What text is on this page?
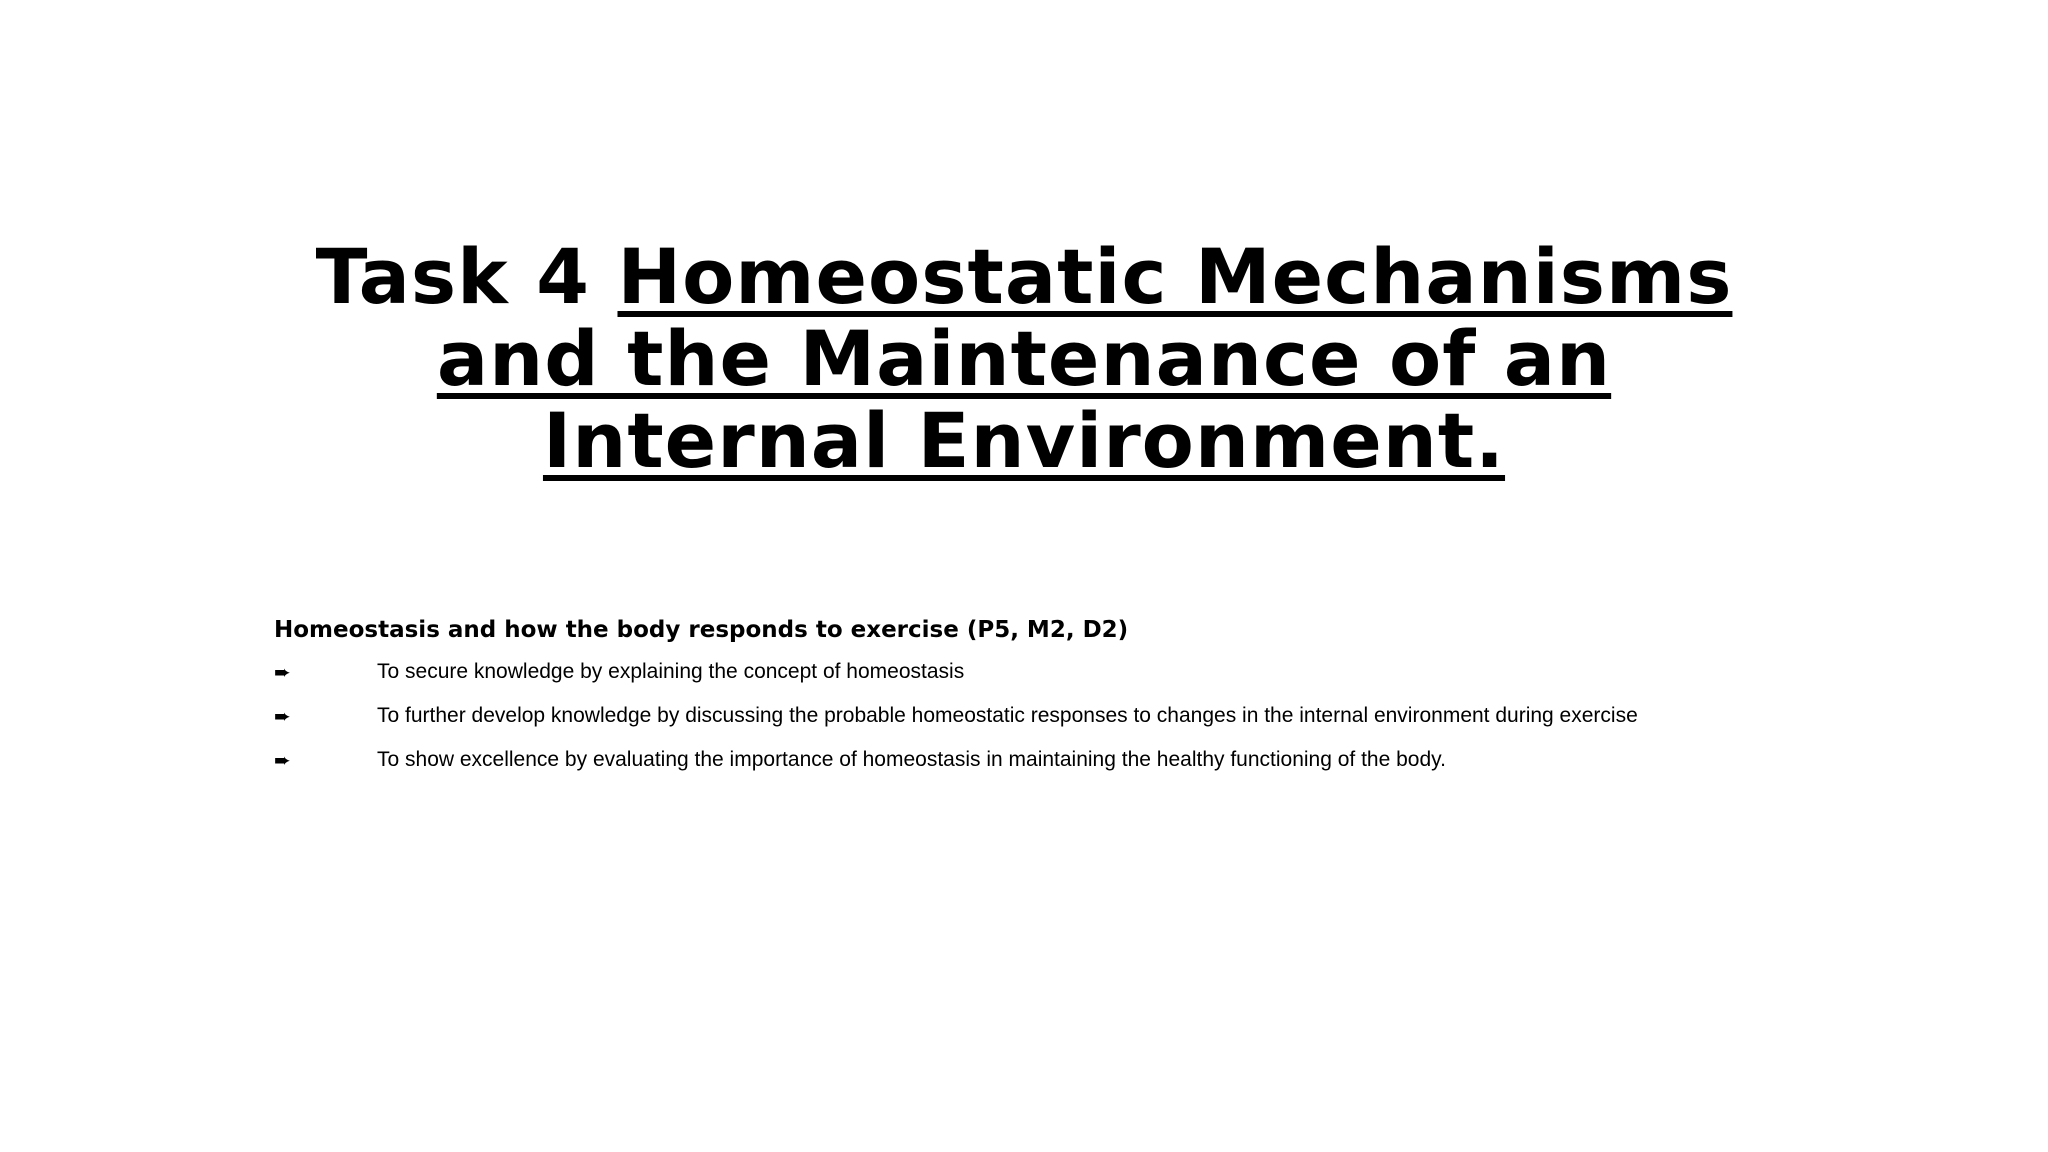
Task 4 Homeostatic Mechanisms and the Maintenance of an Internal Environment.

Homeostasis and how the body responds to exercise (P5, M2, D2)

➨	To secure knowledge by explaining the concept of homeostasis
➨	To further develop knowledge by discussing the probable homeostatic responses to changes in the internal environment during exercise
➨	To show excellence by evaluating the importance of homeostasis in maintaining the healthy functioning of the body.
